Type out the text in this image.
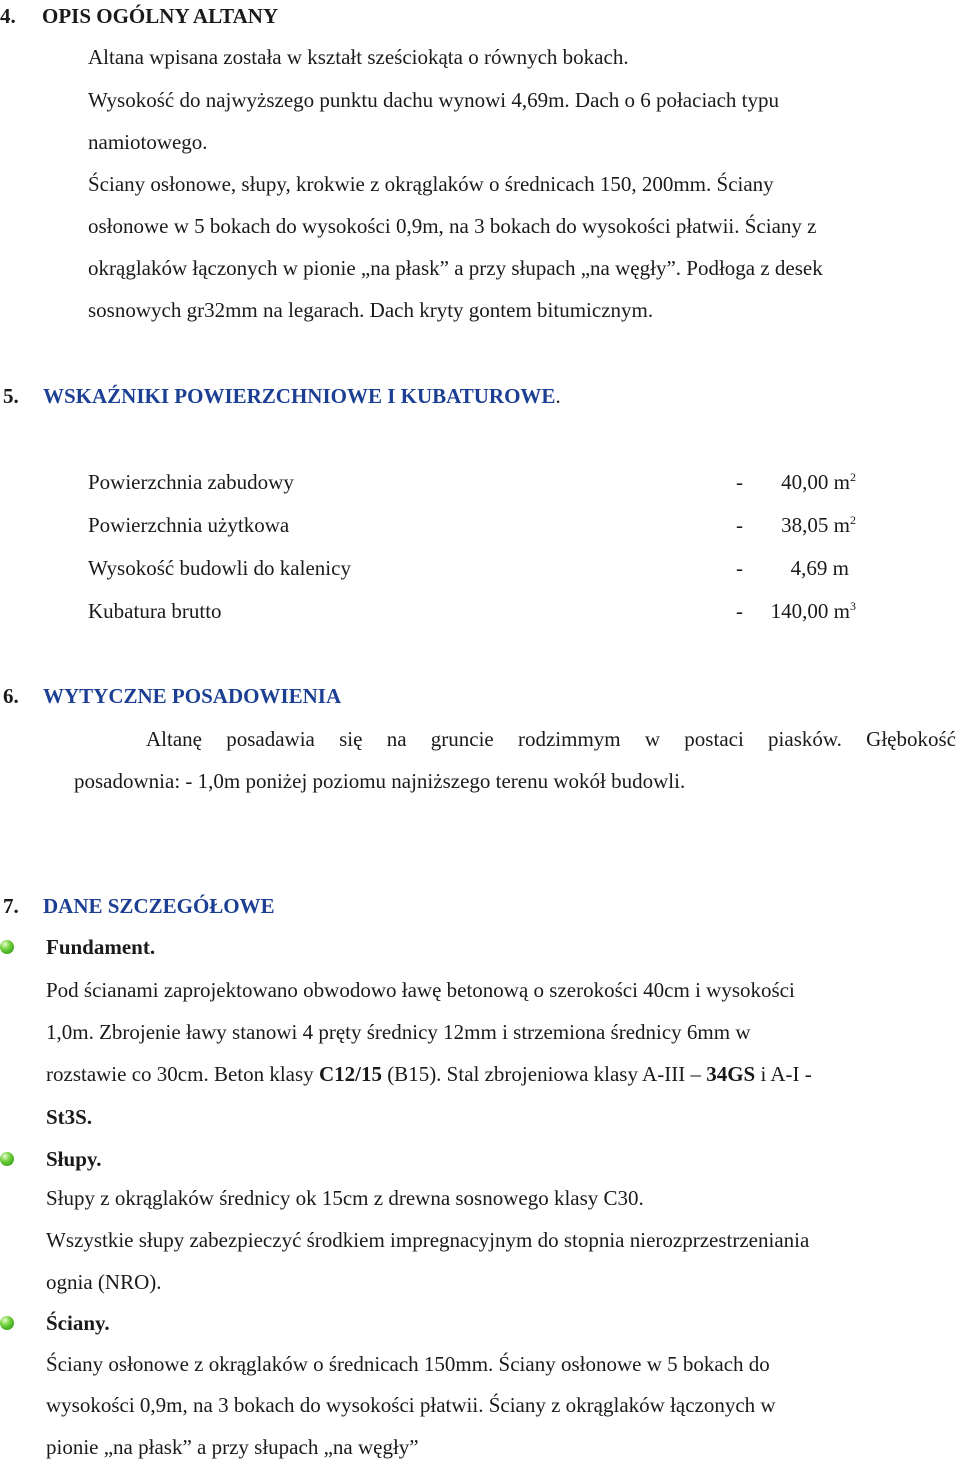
4. OPIS OGÓLNY ALTANY
Altana wpisana została w kształt sześciokąta o równych bokach.
Wysokość do najwyższego punktu dachu wynowi 4,69m. Dach o 6 połaciach typu
namiotowego.
Ściany osłonowe, słupy, krokwie z okrąglaków o średnicach 150, 200mm. Ściany
osłonowe w 5 bokach do wysokości 0,9m, na 3 bokach do wysokości płatwii. Ściany z
okrąglaków łączonych w pionie „na płask” a przy słupach „na węgły”. Podłoga z desek
sosnowych gr32mm na legarach. Dach kryty gontem bitumicznym.
5. WSKAŹNIKI POWIERZCHNIOWE I KUBATUROWE.
Powierzchnia zabudowy	-	40,00 $m^2$
Powierzchnia użytkowa	-	38,05 $m^2$
Wysokość budowli do kalenicy	-	4,69 m
Kubatura brutto	-	140,00 $m^3$
6. WYTYCZNE POSADOWIENIA
Altanę posadawia się na gruncie rodzimmym w postaci piasków. Głębokość
posadownia: - 1,0m poniżej poziomu najniższego terenu wokół budowli.
7. DANE SZCZEGÓŁOWE
Fundament.
Pod ścianami zaprojektowano obwodowo ławę betonową o szerokości 40cm i wysokości
1,0m. Zbrojenie ławy stanowi 4 pręty średnicy 12mm i strzemiona średnicy 6mm w
rozstawie co 30cm. Beton klasy C12/15 (B15). Stal zbrojeniowa klasy A-III – 34GS i A-I -
St3S.
Słupy.
Słupy z okrąglaków średnicy ok 15cm z drewna sosnowego klasy C30.
Wszystkie słupy zabezpieczyć środkiem impregnacyjnym do stopnia nierozprzestrzeniania
ognia (NRO).
Ściany.
Ściany osłonowe z okrąglaków o średnicach 150mm. Ściany osłonowe w 5 bokach do
wysokości 0,9m, na 3 bokach do wysokości płatwii. Ściany z okrąglaków łączonych w
pionie „na płask” a przy słupach „na węgły”
